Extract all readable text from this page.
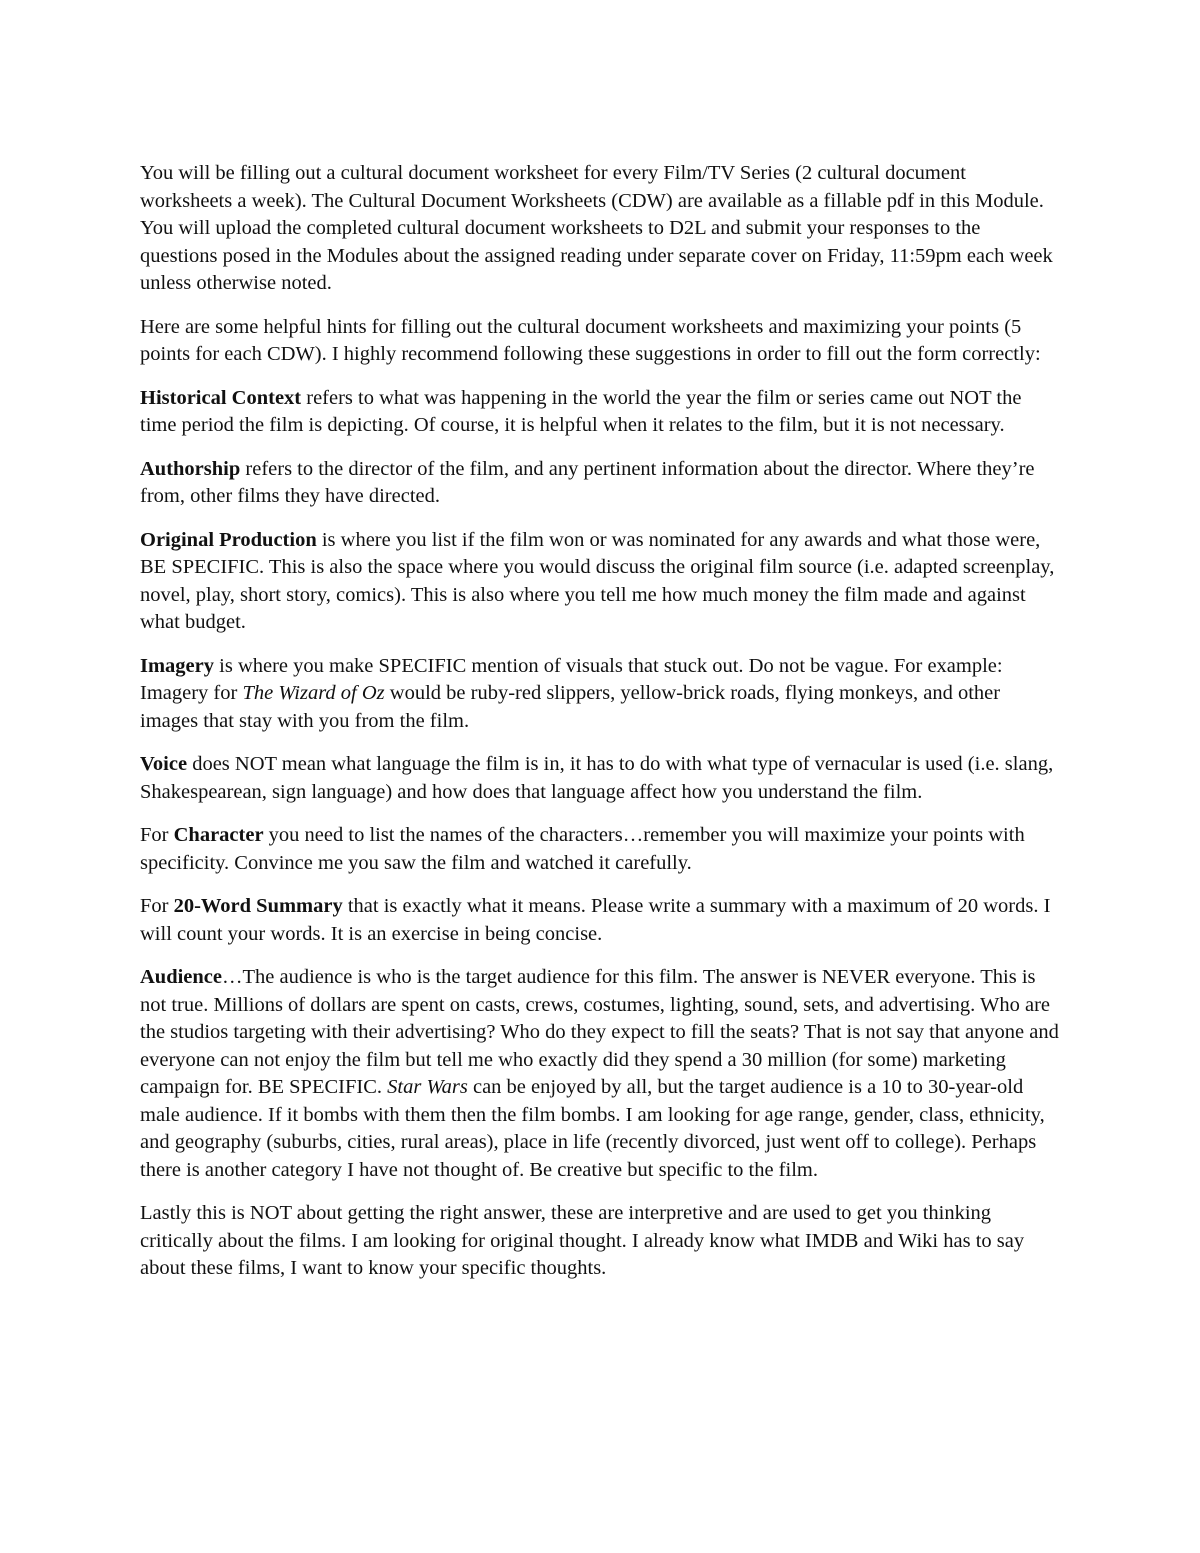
You will be filling out a cultural document worksheet for every Film/TV Series (2 cultural document worksheets a week). The Cultural Document Worksheets (CDW) are available as a fillable pdf in this Module. You will upload the completed cultural document worksheets to D2L and submit your responses to the questions posed in the Modules about the assigned reading under separate cover on Friday, 11:59pm each week unless otherwise noted.

Here are some helpful hints for filling out the cultural document worksheets and maximizing your points (5 points for each CDW). I highly recommend following these suggestions in order to fill out the form correctly:

Historical Context refers to what was happening in the world the year the film or series came out NOT the time period the film is depicting. Of course, it is helpful when it relates to the film, but it is not necessary.

Authorship refers to the director of the film, and any pertinent information about the director. Where they’re from, other films they have directed.

Original Production is where you list if the film won or was nominated for any awards and what those were, BE SPECIFIC. This is also the space where you would discuss the original film source (i.e. adapted screenplay, novel, play, short story, comics). This is also where you tell me how much money the film made and against what budget.

Imagery is where you make SPECIFIC mention of visuals that stuck out. Do not be vague. For example: Imagery for The Wizard of Oz would be ruby-red slippers, yellow-brick roads, flying monkeys, and other images that stay with you from the film.

Voice does NOT mean what language the film is in, it has to do with what type of vernacular is used (i.e. slang, Shakespearean, sign language) and how does that language affect how you understand the film.

For Character you need to list the names of the characters…remember you will maximize your points with specificity. Convince me you saw the film and watched it carefully.

For 20-Word Summary that is exactly what it means. Please write a summary with a maximum of 20 words. I will count your words. It is an exercise in being concise.

Audience…The audience is who is the target audience for this film. The answer is NEVER everyone. This is not true. Millions of dollars are spent on casts, crews, costumes, lighting, sound, sets, and advertising. Who are the studios targeting with their advertising? Who do they expect to fill the seats? That is not say that anyone and everyone can not enjoy the film but tell me who exactly did they spend a 30 million (for some) marketing campaign for. BE SPECIFIC. Star Wars can be enjoyed by all, but the target audience is a 10 to 30-year-old male audience. If it bombs with them then the film bombs. I am looking for age range, gender, class, ethnicity, and geography (suburbs, cities, rural areas), place in life (recently divorced, just went off to college). Perhaps there is another category I have not thought of. Be creative but specific to the film.

Lastly this is NOT about getting the right answer, these are interpretive and are used to get you thinking critically about the films. I am looking for original thought. I already know what IMDB and Wiki has to say about these films, I want to know your specific thoughts.
